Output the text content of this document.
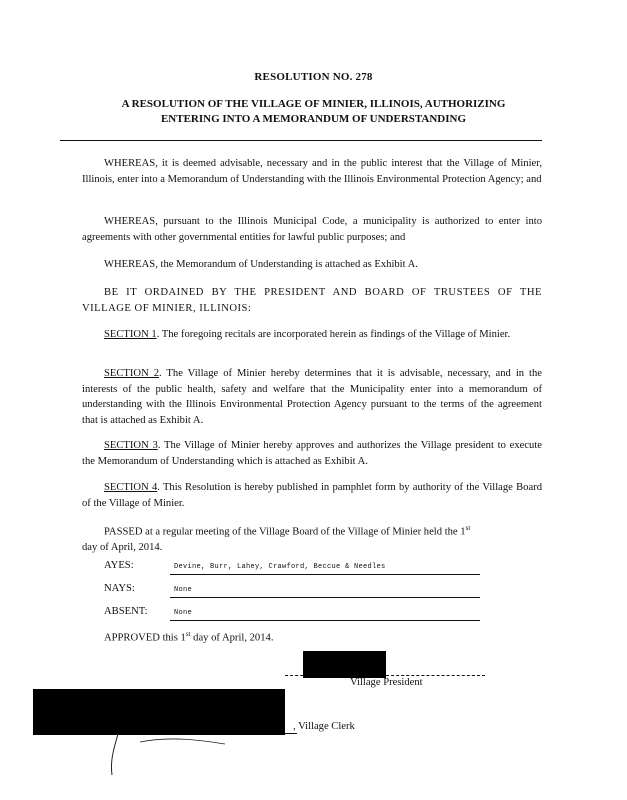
RESOLUTION NO. 278
A RESOLUTION OF THE VILLAGE OF MINIER, ILLINOIS, AUTHORIZING
ENTERING INTO A MEMORANDUM OF UNDERSTANDING
WHEREAS, it is deemed advisable, necessary and in the public interest that the Village of Minier, Illinois, enter into a Memorandum of Understanding with the Illinois Environmental Protection Agency; and
WHEREAS, pursuant to the Illinois Municipal Code, a municipality is authorized to enter into agreements with other governmental entities for lawful public purposes; and
WHEREAS, the Memorandum of Understanding is attached as Exhibit A.
BE IT ORDAINED BY THE PRESIDENT AND BOARD OF TRUSTEES OF THE VILLAGE OF MINIER, ILLINOIS:
SECTION 1. The foregoing recitals are incorporated herein as findings of the Village of Minier.
SECTION 2. The Village of Minier hereby determines that it is advisable, necessary, and in the interests of the public health, safety and welfare that the Municipality enter into a memorandum of understanding with the Illinois Environmental Protection Agency pursuant to the terms of the agreement that is attached as Exhibit A.
SECTION 3. The Village of Minier hereby approves and authorizes the Village president to execute the Memorandum of Understanding which is attached as Exhibit A.
SECTION 4. This Resolution is hereby published in pamphlet form by authority of the Village Board of the Village of Minier.
PASSED at a regular meeting of the Village Board of the Village of Minier held the 1st
day of April, 2014.
AYES:	Devine, Burr, Lahey, Crawford, Beccue & Needles
NAYS:	None
ABSENT:	None
APPROVED this 1st day of April, 2014.
Village President
, Village Clerk
